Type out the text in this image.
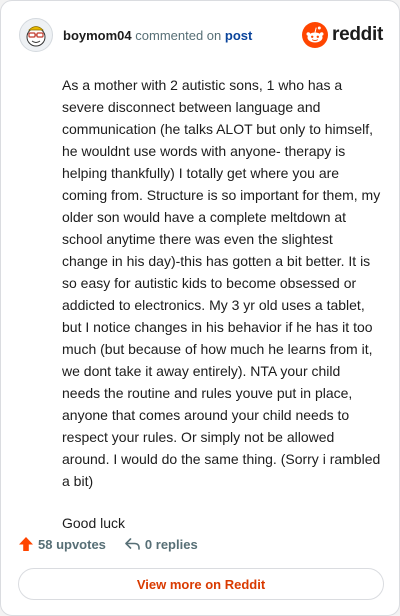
boymom04 commented on post	reddit

As a mother with 2 autistic sons, 1 who has a severe disconnect between language and communication (he talks ALOT but only to himself, he wouldnt use words with anyone- therapy is helping thankfully) I totally get where you are coming from. Structure is so important for them, my older son would have a complete meltdown at school anytime there was even the slightest change in his day)-this has gotten a bit better. It is so easy for autistic kids to become obsessed or addicted to electronics. My 3 yr old uses a tablet, but I notice changes in his behavior if he has it too much (but because of how much he learns from it, we dont take it away entirely). NTA your child needs the routine and rules youve put in place, anyone that comes around your child needs to respect your rules. Or simply not be allowed around. I would do the same thing. (Sorry i rambled a bit)

Good luck

58 upvotes	0 replies
View more on Reddit
